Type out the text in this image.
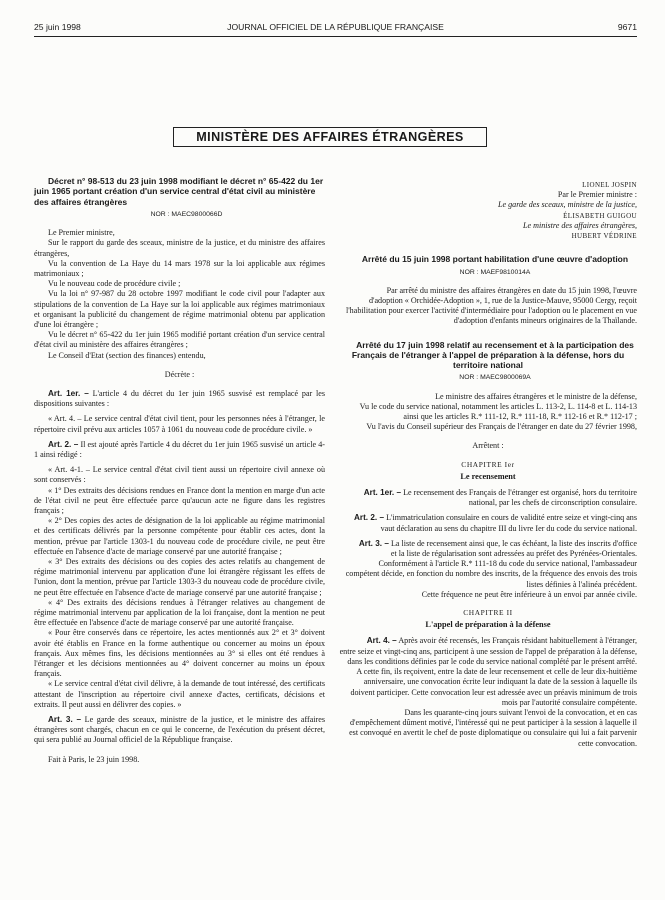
25 juin 1998	JOURNAL OFFICIEL DE LA RÉPUBLIQUE FRANÇAISE	9671
MINISTÈRE DES AFFAIRES ÉTRANGÈRES

Décret n° 98-513 du 23 juin 1998 modifiant le décret n° 65-422 du 1er juin 1965 portant création d'un service central d'état civil au ministère des affaires étrangères

NOR : MAEC9800066D

Le Premier ministre,

Sur le rapport du garde des sceaux, ministre de la justice, et du ministre des affaires étrangères,

Vu la convention de La Haye du 14 mars 1978 sur la loi applicable aux régimes matrimoniaux ;

Vu le nouveau code de procédure civile ;

Vu la loi n° 97-987 du 28 octobre 1997 modifiant le code civil pour l'adapter aux stipulations de la convention de La Haye sur la loi applicable aux régimes matrimoniaux et organisant la publicité du changement de régime matrimonial obtenu par application d'une loi étrangère ;

Vu le décret n° 65-422 du 1er juin 1965 modifié portant création d'un service central d'état civil au ministère des affaires étrangères ;

Le Conseil d'Etat (section des finances) entendu,

Décrète :

Art. 1er. – L'article 4 du décret du 1er juin 1965 susvisé est remplacé par les dispositions suivantes :

« Art. 4. – Le service central d'état civil tient, pour les personnes nées à l'étranger, le répertoire civil prévu aux articles 1057 à 1061 du nouveau code de procédure civile. »

Art. 2. – Il est ajouté après l'article 4 du décret du 1er juin 1965 susvisé un article 4-1 ainsi rédigé :

« Art. 4-1. – Le service central d'état civil tient aussi un répertoire civil annexe où sont conservés :

« 1° Des extraits des décisions rendues en France dont la mention en marge d'un acte de l'état civil ne peut être effectuée parce qu'aucun acte ne figure dans les registres français ;

« 2° Des copies des actes de désignation de la loi applicable au régime matrimonial et des certificats délivrés par la personne compétente pour établir ces actes, dont la mention, prévue par l'article 1303-1 du nouveau code de procédure civile, ne peut être effectuée en l'absence d'acte de mariage conservé par une autorité française ;

« 3° Des extraits des décisions ou des copies des actes relatifs au changement de régime matrimonial intervenu par application d'une loi étrangère régissant les effets de l'union, dont la mention, prévue par l'article 1303-3 du nouveau code de procédure civile, ne peut être effectuée en l'absence d'acte de mariage conservé par une autorité française ;

« 4° Des extraits des décisions rendues à l'étranger relatives au changement de régime matrimonial intervenu par application de la loi française, dont la mention ne peut être effectuée en l'absence d'acte de mariage conservé par une autorité française.

« Pour être conservés dans ce répertoire, les actes mentionnés aux 2° et 3° doivent avoir été établis en France en la forme authentique ou concerner au moins un époux français. Aux mêmes fins, les décisions mentionnées au 3° si elles ont été rendues à l'étranger et les décisions mentionnées au 4° doivent concerner au moins un époux français.

« Le service central d'état civil délivre, à la demande de tout intéressé, des certificats attestant de l'inscription au répertoire civil annexe d'actes, certificats, décisions et extraits. Il peut aussi en délivrer des copies. »

Art. 3. – Le garde des sceaux, ministre de la justice, et le ministre des affaires étrangères sont chargés, chacun en ce qui le concerne, de l'exécution du présent décret, qui sera publié au Journal officiel de la République française.

Fait à Paris, le 23 juin 1998.

LIONEL JOSPIN

Par le Premier ministre :

Le garde des sceaux, ministre de la justice,

ÉLISABETH GUIGOU

Le ministre des affaires étrangères,

HUBERT VÉDRINE

Arrêté du 15 juin 1998 portant habilitation d'une œuvre d'adoption

NOR : MAEF9810014A

Par arrêté du ministre des affaires étrangères en date du 15 juin 1998, l'œuvre d'adoption « Orchidée-Adoption », 1, rue de la Justice-Mauve, 95000 Cergy, reçoit l'habilitation pour exercer l'activité d'intermédiaire pour l'adoption ou le placement en vue d'adoption d'enfants mineurs originaires de la Thaïlande.

Arrêté du 17 juin 1998 relatif au recensement et à la participation des Français de l'étranger à l'appel de préparation à la défense, hors du territoire national

NOR : MAEC9800069A

Le ministre des affaires étrangères et le ministre de la défense,

Vu le code du service national, notamment les articles L. 113-2, L. 114-8 et L. 114-13 ainsi que les articles R.* 111-12, R.* 111-18, R.* 112-16 et R.* 112-17 ;

Vu l'avis du Conseil supérieur des Français de l'étranger en date du 27 février 1998,

Arrêtent :

CHAPITRE Ier

Le recensement

Art. 1er. – Le recensement des Français de l'étranger est organisé, hors du territoire national, par les chefs de circonscription consulaire.

Art. 2. – L'immatriculation consulaire en cours de validité entre seize et vingt-cinq ans vaut déclaration au sens du chapitre III du livre Ier du code du service national.

Art. 3. – La liste de recensement ainsi que, le cas échéant, la liste des inscrits d'office et la liste de régularisation sont adressées au préfet des Pyrénées-Orientales.

Conformément à l'article R.* 111-18 du code du service national, l'ambassadeur compétent décide, en fonction du nombre des inscrits, de la fréquence des envois des trois listes définies à l'alinéa précédent.

Cette fréquence ne peut être inférieure à un envoi par année civile.

CHAPITRE II

L'appel de préparation à la défense

Art. 4. – Après avoir été recensés, les Français résidant habituellement à l'étranger, entre seize et vingt-cinq ans, participent à une session de l'appel de préparation à la défense, dans les conditions définies par le code du service national complété par le présent arrêté.

A cette fin, ils reçoivent, entre la date de leur recensement et celle de leur dix-huitième anniversaire, une convocation écrite leur indiquant la date de la session à laquelle ils doivent participer. Cette convocation leur est adressée avec un préavis minimum de trois mois par l'autorité consulaire compétente.

Dans les quarante-cinq jours suivant l'envoi de la convocation, et en cas d'empêchement dûment motivé, l'intéressé qui ne peut participer à la session à laquelle il est convoqué en avertit le chef de poste diplomatique ou consulaire qui lui a fait parvenir cette convocation.
